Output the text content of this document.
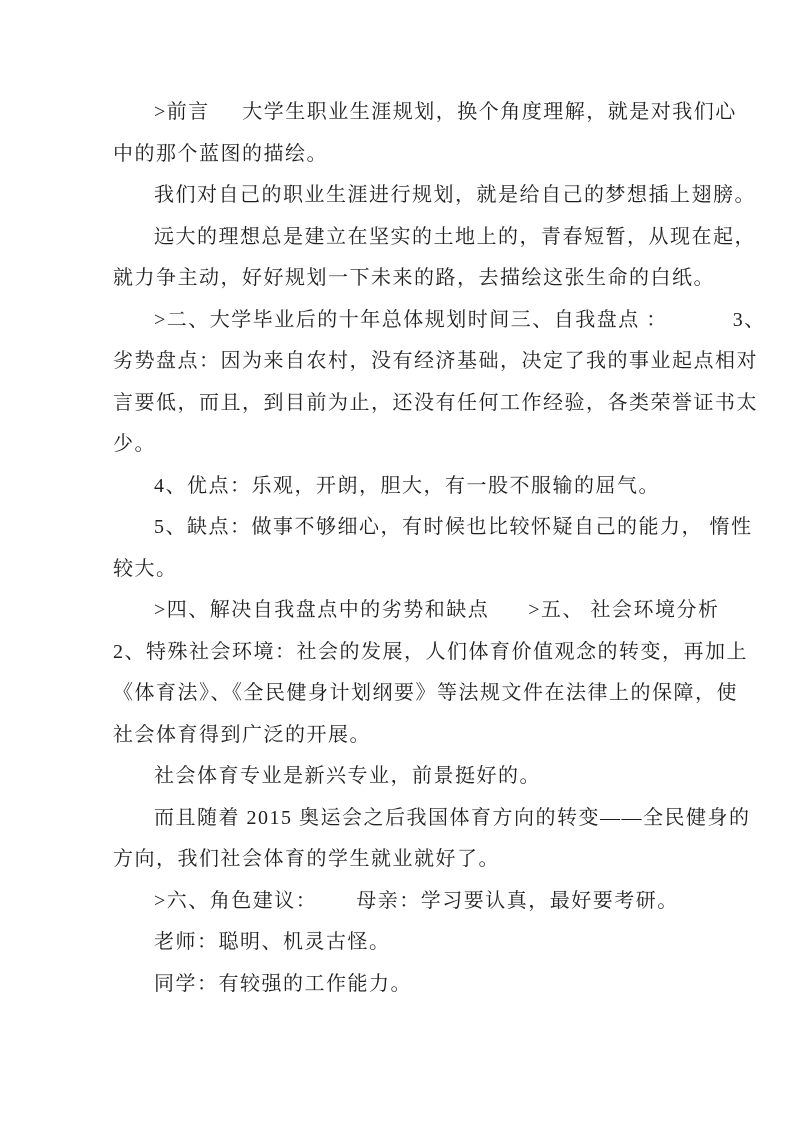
>前言     大学生职业生涯规划，换个角度理解，就是对我们心
中的那个蓝图的描绘。
我们对自己的职业生涯进行规划，就是给自己的梦想插上翅膀。
远大的理想总是建立在坚实的土地上的，青春短暂，从现在起，
就力争主动，好好规划一下未来的路，去描绘这张生命的白纸。
>二、大学毕业后的十年总体规划时间三、自我盘点 ：          3、
劣势盘点：因为来自农村，没有经济基础，决定了我的事业起点相对
言要低，而且，到目前为止，还没有任何工作经验，各类荣誉证书太
少。
4、优点：乐观，开朗，胆大，有一股不服输的屈气。
5、缺点：做事不够细心，有时候也比较怀疑自己的能力， 惰性
较大。
>四、解决自我盘点中的劣势和缺点      >五、 社会环境分析
2、特殊社会环境：社会的发展，人们体育价值观念的转变，再加上
《体育法》、《全民健身计划纲要》等法规文件在法律上的保障，使
社会体育得到广泛的开展。
社会体育专业是新兴专业，前景挺好的。
而且随着 2015 奥运会之后我国体育方向的转变——全民健身的
方向，我们社会体育的学生就业就好了。
>六、角色建议：      母亲：学习要认真，最好要考研。
老师：聪明、机灵古怪。
同学：有较强的工作能力。
